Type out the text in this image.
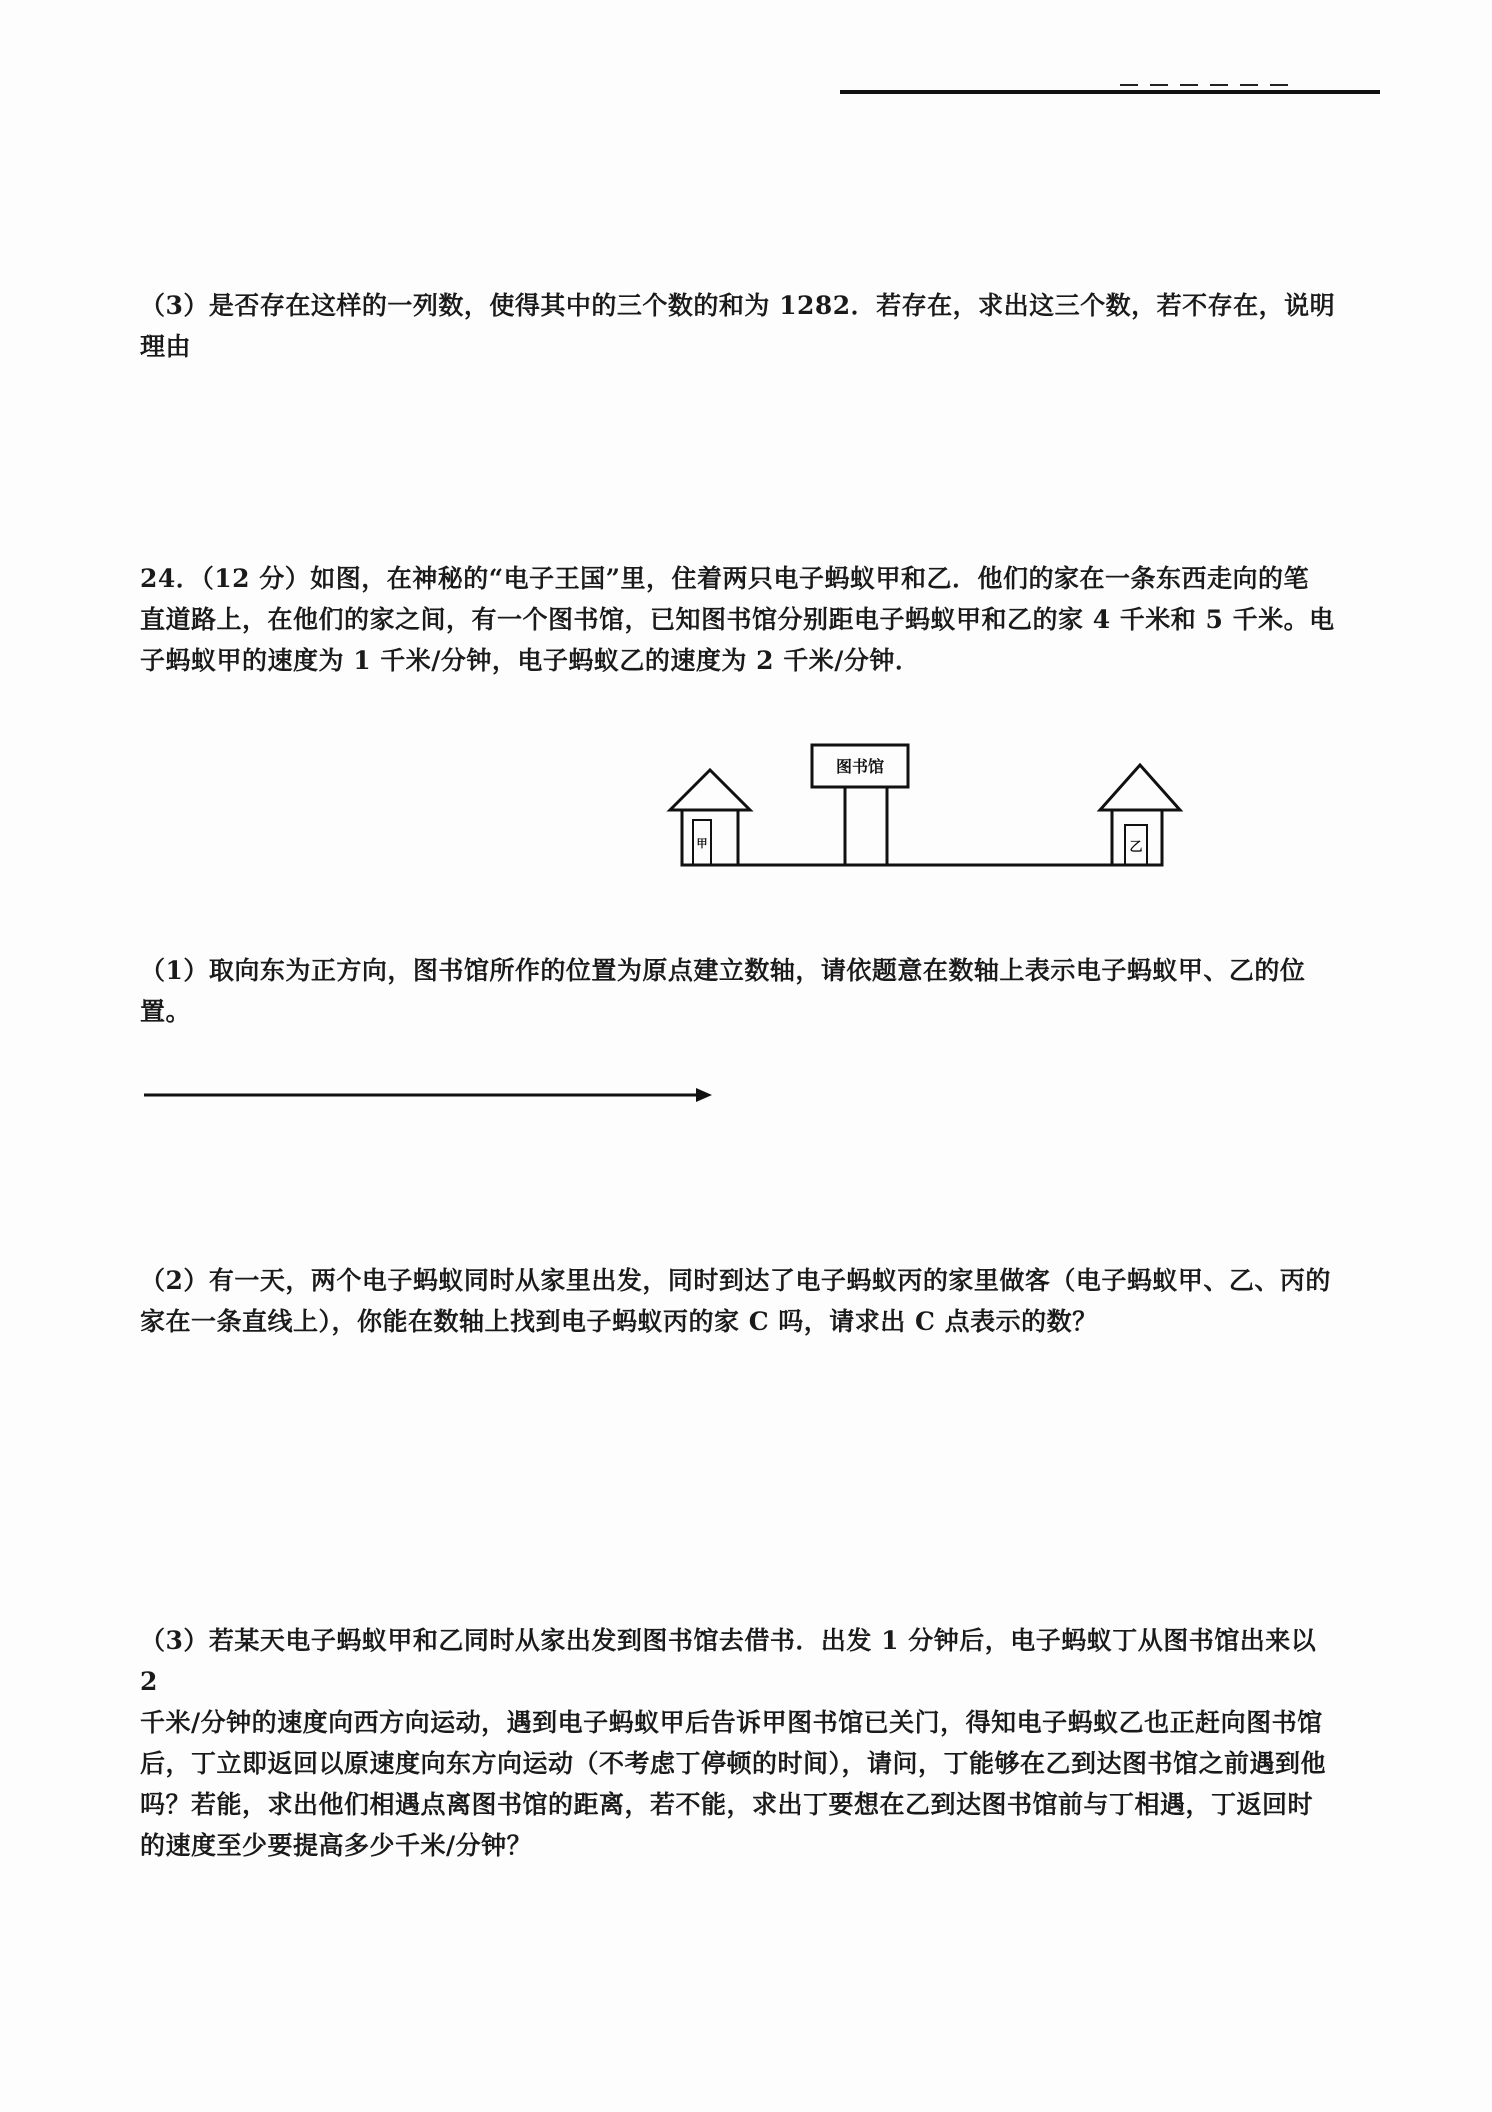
（3）是否存在这样的一列数，使得其中的三个数的和为 1282．若存在，求出这三个数，若不存在，说明

理由

24．（12 分）如图，在神秘的“电子王国”里，住着两只电子蚂蚁甲和乙．他们的家在一条东西走向的笔

直道路上，在他们的家之间，有一个图书馆，已知图书馆分别距电子蚂蚁甲和乙的家 4 千米和 5 千米。电

子蚂蚁甲的速度为 1 千米/分钟，电子蚂蚁乙的速度为 2 千米/分钟．

甲
图书馆
乙

（1）取向东为正方向，图书馆所作的位置为原点建立数轴，请依题意在数轴上表示电子蚂蚁甲、乙的位置。

（2）有一天，两个电子蚂蚁同时从家里出发，同时到达了电子蚂蚁丙的家里做客（电子蚂蚁甲、乙、丙的

家在一条直线上），你能在数轴上找到电子蚂蚁丙的家 C 吗，请求出 C 点表示的数？

（3）若某天电子蚂蚁甲和乙同时从家出发到图书馆去借书．出发 1 分钟后，电子蚂蚁丁从图书馆出来以 2

千米/分钟的速度向西方向运动，遇到电子蚂蚁甲后告诉甲图书馆已关门，得知电子蚂蚁乙也正赶向图书馆

后，丁立即返回以原速度向东方向运动（不考虑丁停顿的时间），请问，丁能够在乙到达图书馆之前遇到他

吗？若能，求出他们相遇点离图书馆的距离，若不能，求出丁要想在乙到达图书馆前与丁相遇，丁返回时

的速度至少要提高多少千米/分钟？
